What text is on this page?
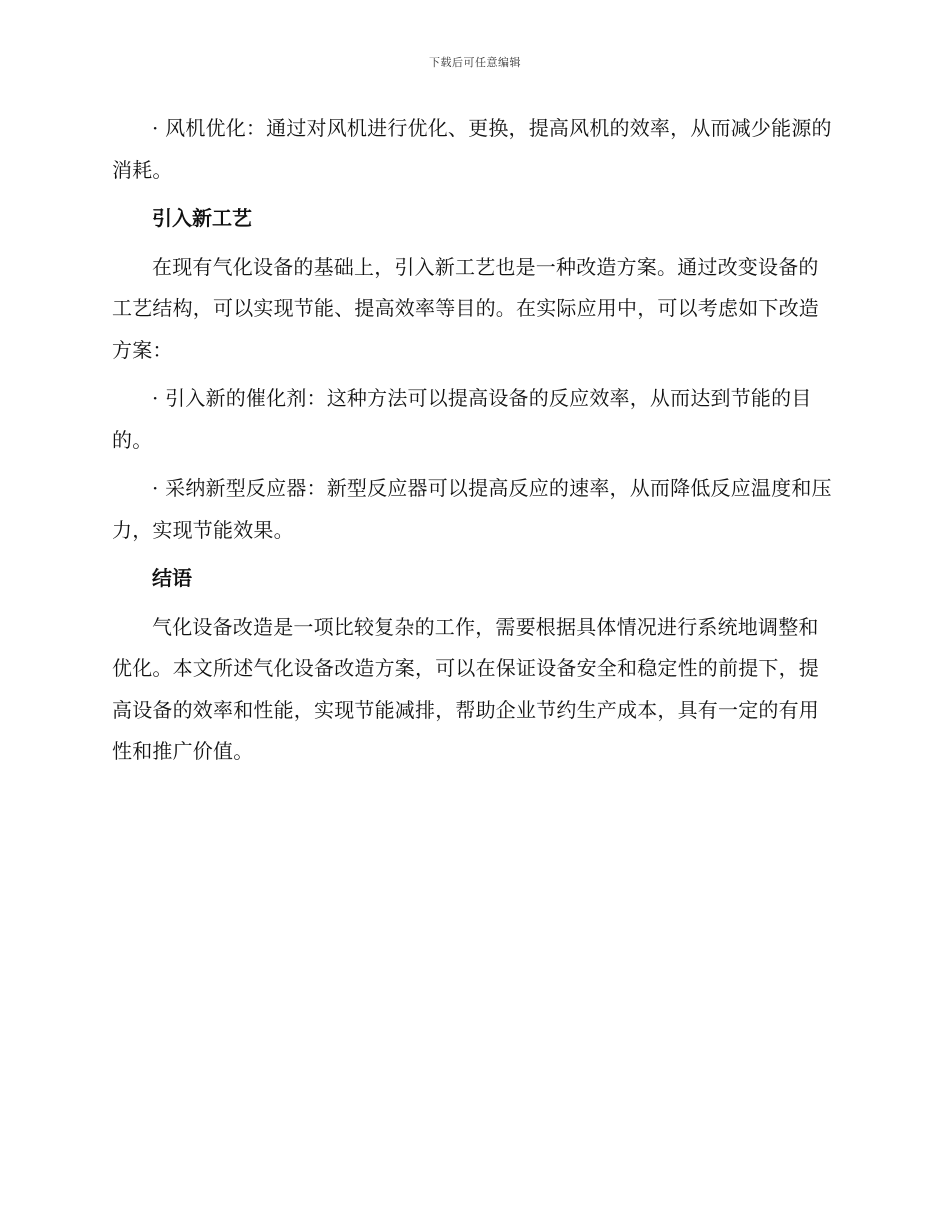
下载后可任意编辑

· 风机优化：通过对风机进行优化、更换，提高风机的效率，从而减少能源的消耗。

引入新工艺

在现有气化设备的基础上，引入新工艺也是一种改造方案。通过改变设备的工艺结构，可以实现节能、提高效率等目的。在实际应用中，可以考虑如下改造方案：

· 引入新的催化剂：这种方法可以提高设备的反应效率，从而达到节能的目的。

· 采纳新型反应器：新型反应器可以提高反应的速率，从而降低反应温度和压力，实现节能效果。

结语

气化设备改造是一项比较复杂的工作，需要根据具体情况进行系统地调整和优化。本文所述气化设备改造方案，可以在保证设备安全和稳定性的前提下，提高设备的效率和性能，实现节能减排，帮助企业节约生产成本，具有一定的有用性和推广价值。
